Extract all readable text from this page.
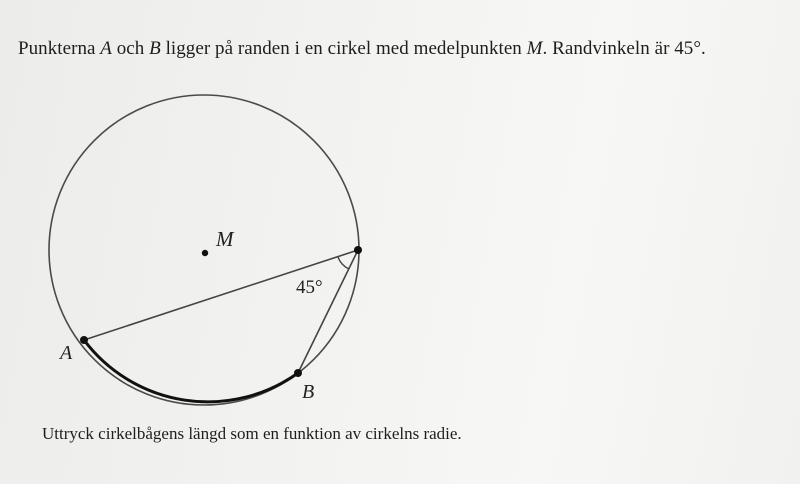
Punkterna A och B ligger på randen i en cirkel med medelpunkten M. Randvinkeln är 45°.
M
A
B
45°
Uttryck cirkelbågens längd som en funktion av cirkelns radie.
